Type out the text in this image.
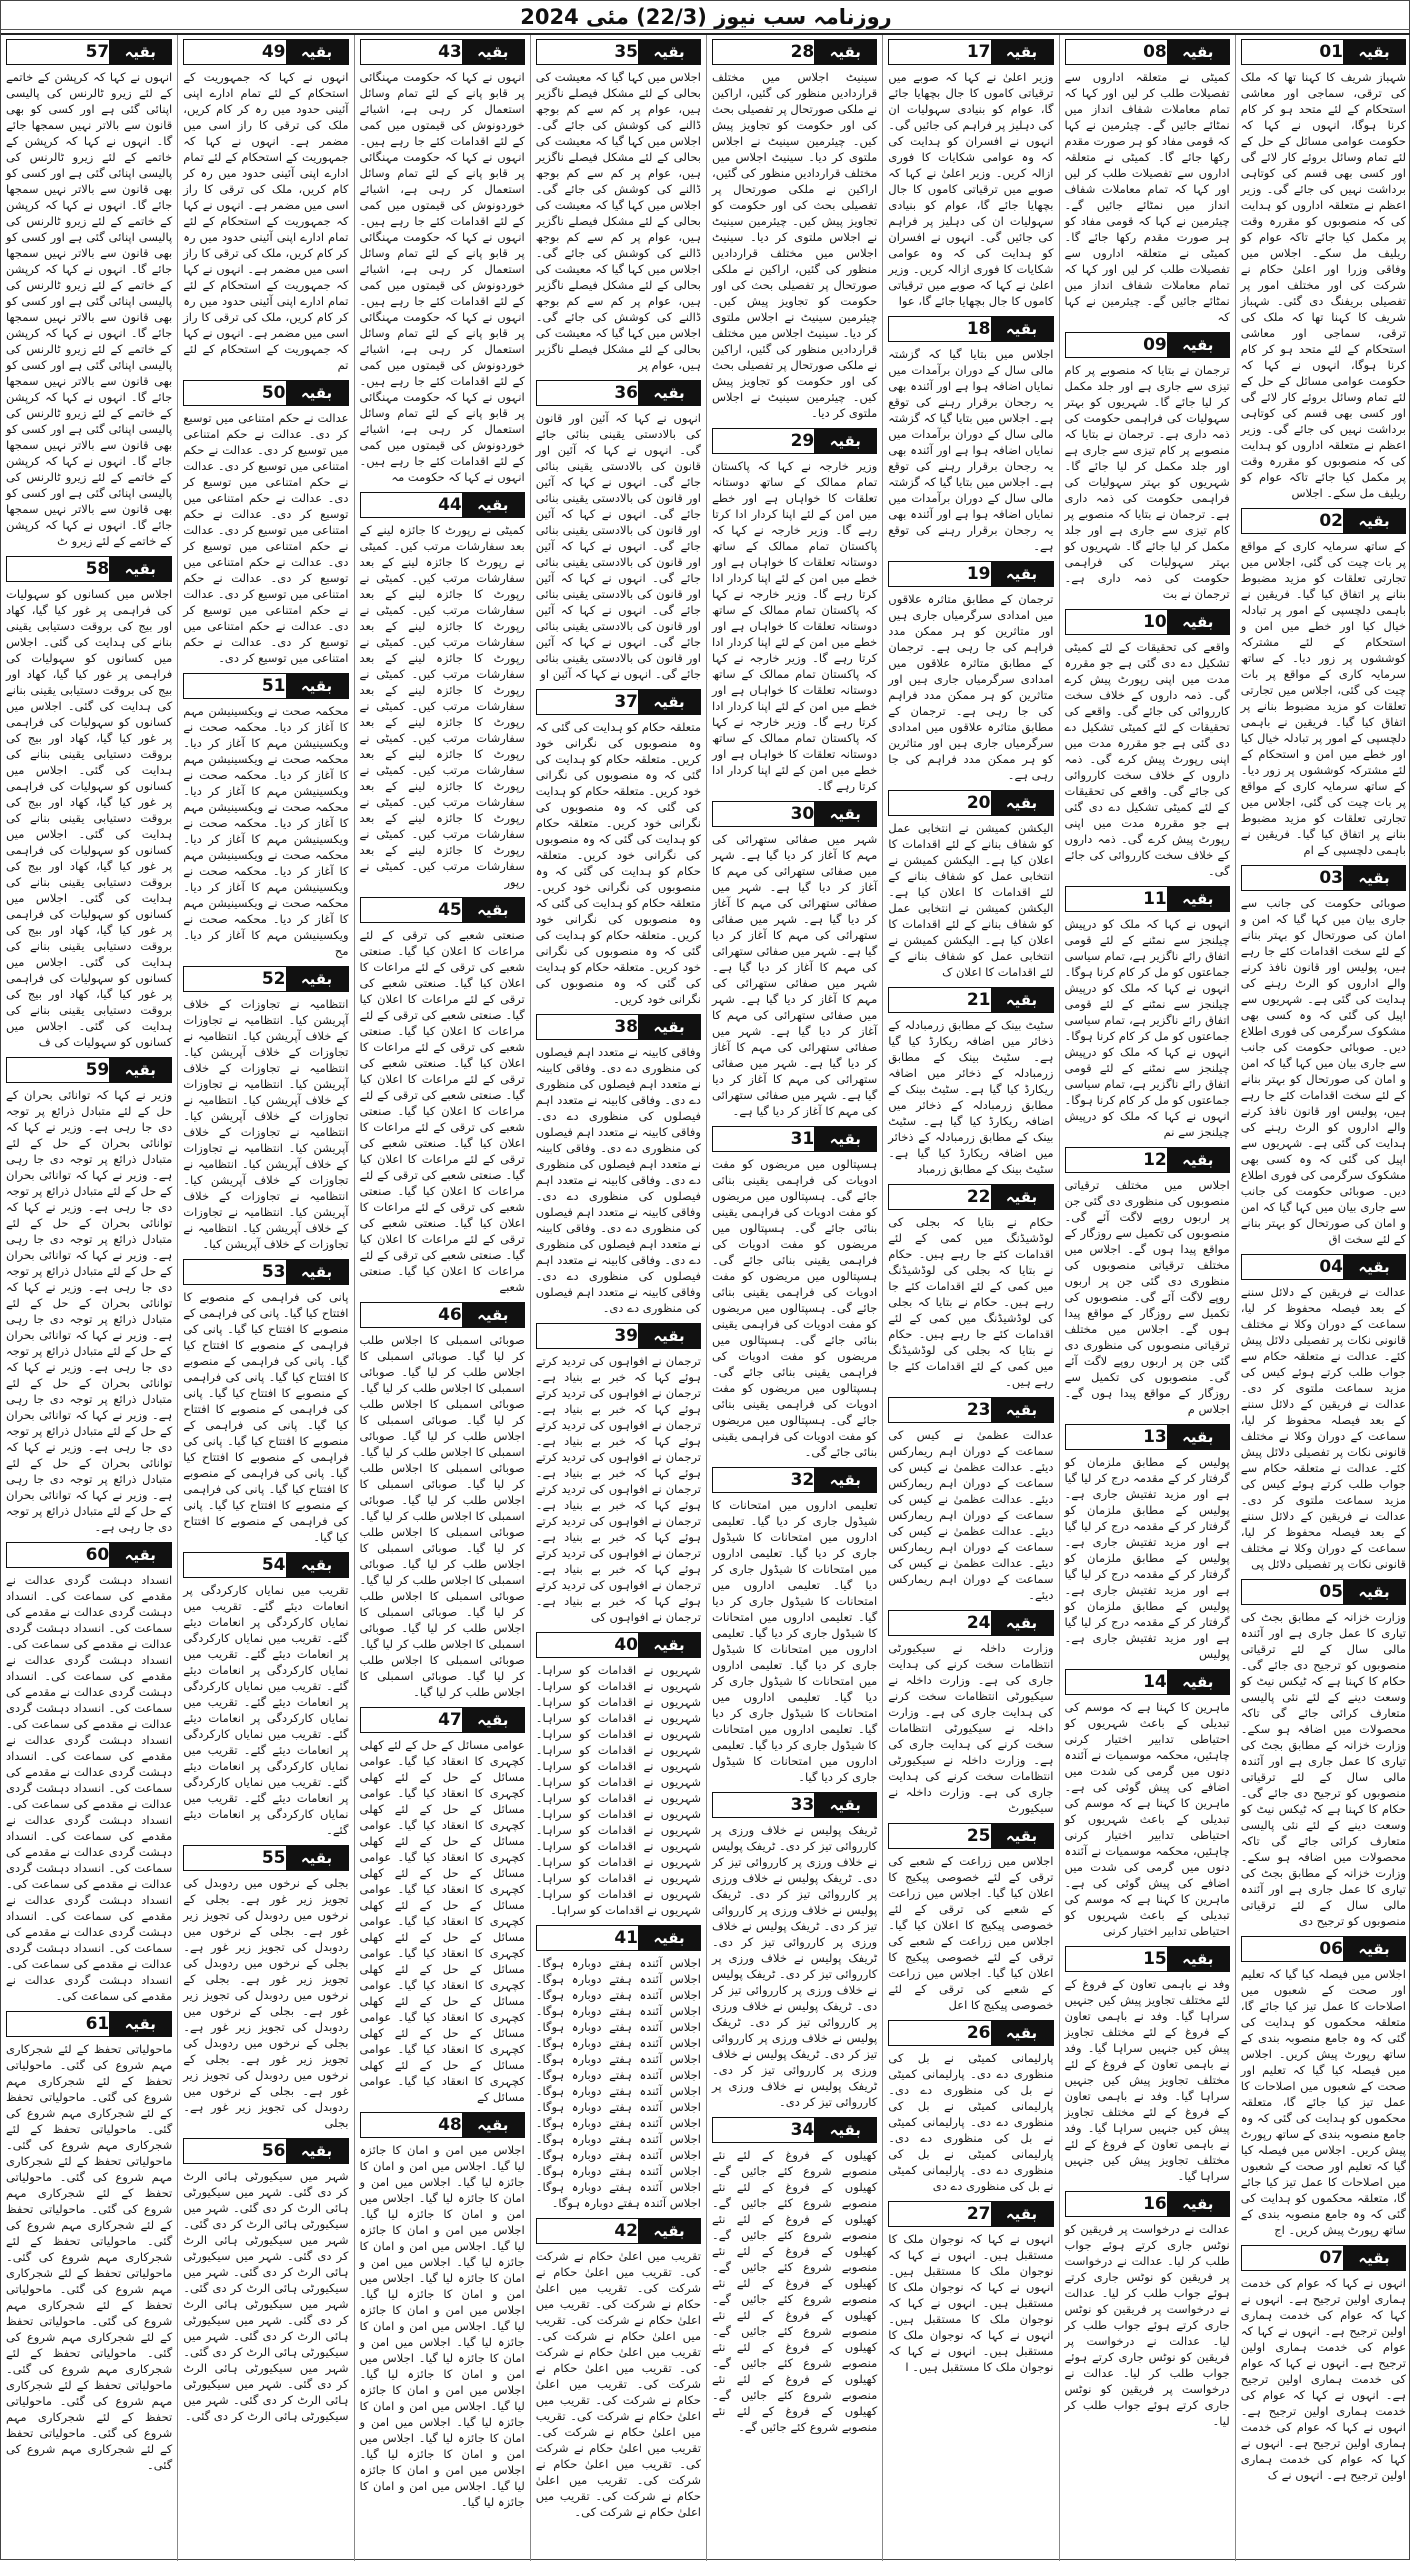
روزنامہ سب نیوز (22/3) مئی 2024
بقیہ
01
شہباز شریف کا کہنا تھا کہ ملک کی ترقی، سماجی اور معاشی استحکام کے لئے متحد ہو کر کام کرنا ہوگا، انہوں نے کہا کہ حکومت عوامی مسائل کے حل کے لئے تمام وسائل بروئے کار لائے گی اور کسی بھی قسم کی کوتاہی برداشت نہیں کی جائے گی۔ وزیر اعظم نے متعلقہ اداروں کو ہدایت کی کہ منصوبوں کو مقررہ وقت پر مکمل کیا جائے تاکہ عوام کو ریلیف مل سکے۔ اجلاس میں وفاقی وزرا اور اعلیٰ حکام نے شرکت کی اور مختلف امور پر تفصیلی بریفنگ دی گئی۔ شہباز شریف کا کہنا تھا کہ ملک کی ترقی، سماجی اور معاشی استحکام کے لئے متحد ہو کر کام کرنا ہوگا، انہوں نے کہا کہ حکومت عوامی مسائل کے حل کے لئے تمام وسائل بروئے کار لائے گی اور کسی بھی قسم کی کوتاہی برداشت نہیں کی جائے گی۔ وزیر اعظم نے متعلقہ اداروں کو ہدایت کی کہ منصوبوں کو مقررہ وقت پر مکمل کیا جائے تاکہ عوام کو ریلیف مل سکے۔ اجلاس
بقیہ
02
کے ساتھ سرمایہ کاری کے مواقع پر بات چیت کی گئی، اجلاس میں تجارتی تعلقات کو مزید مضبوط بنانے پر اتفاق کیا گیا۔ فریقین نے باہمی دلچسپی کے امور پر تبادلہ خیال کیا اور خطے میں امن و استحکام کے لئے مشترکہ کوششوں پر زور دیا۔ کے ساتھ سرمایہ کاری کے مواقع پر بات چیت کی گئی، اجلاس میں تجارتی تعلقات کو مزید مضبوط بنانے پر اتفاق کیا گیا۔ فریقین نے باہمی دلچسپی کے امور پر تبادلہ خیال کیا اور خطے میں امن و استحکام کے لئے مشترکہ کوششوں پر زور دیا۔ کے ساتھ سرمایہ کاری کے مواقع پر بات چیت کی گئی، اجلاس میں تجارتی تعلقات کو مزید مضبوط بنانے پر اتفاق کیا گیا۔ فریقین نے باہمی دلچسپی کے ام
بقیہ
03
صوبائی حکومت کی جانب سے جاری بیان میں کہا گیا کہ امن و امان کی صورتحال کو بہتر بنانے کے لئے سخت اقدامات کئے جا رہے ہیں، پولیس اور قانون نافذ کرنے والے اداروں کو الرٹ رہنے کی ہدایت کی گئی ہے۔ شہریوں سے اپیل کی گئی کہ وہ کسی بھی مشکوک سرگرمی کی فوری اطلاع دیں۔ صوبائی حکومت کی جانب سے جاری بیان میں کہا گیا کہ امن و امان کی صورتحال کو بہتر بنانے کے لئے سخت اقدامات کئے جا رہے ہیں، پولیس اور قانون نافذ کرنے والے اداروں کو الرٹ رہنے کی ہدایت کی گئی ہے۔ شہریوں سے اپیل کی گئی کہ وہ کسی بھی مشکوک سرگرمی کی فوری اطلاع دیں۔ صوبائی حکومت کی جانب سے جاری بیان میں کہا گیا کہ امن و امان کی صورتحال کو بہتر بنانے کے لئے سخت اق
بقیہ
04
عدالت نے فریقین کے دلائل سننے کے بعد فیصلہ محفوظ کر لیا، سماعت کے دوران وکلا نے مختلف قانونی نکات پر تفصیلی دلائل پیش کئے۔ عدالت نے متعلقہ حکام سے جواب طلب کرتے ہوئے کیس کی مزید سماعت ملتوی کر دی۔ عدالت نے فریقین کے دلائل سننے کے بعد فیصلہ محفوظ کر لیا، سماعت کے دوران وکلا نے مختلف قانونی نکات پر تفصیلی دلائل پیش کئے۔ عدالت نے متعلقہ حکام سے جواب طلب کرتے ہوئے کیس کی مزید سماعت ملتوی کر دی۔ عدالت نے فریقین کے دلائل سننے کے بعد فیصلہ محفوظ کر لیا، سماعت کے دوران وکلا نے مختلف قانونی نکات پر تفصیلی دلائل پی
بقیہ
05
وزارت خزانہ کے مطابق بجٹ کی تیاری کا عمل جاری ہے اور آئندہ مالی سال کے لئے ترقیاتی منصوبوں کو ترجیح دی جائے گی۔ حکام کا کہنا ہے کہ ٹیکس نیٹ کو وسعت دینے کے لئے نئی پالیسی متعارف کرائی جائے گی تاکہ محصولات میں اضافہ ہو سکے۔ وزارت خزانہ کے مطابق بجٹ کی تیاری کا عمل جاری ہے اور آئندہ مالی سال کے لئے ترقیاتی منصوبوں کو ترجیح دی جائے گی۔ حکام کا کہنا ہے کہ ٹیکس نیٹ کو وسعت دینے کے لئے نئی پالیسی متعارف کرائی جائے گی تاکہ محصولات میں اضافہ ہو سکے۔ وزارت خزانہ کے مطابق بجٹ کی تیاری کا عمل جاری ہے اور آئندہ مالی سال کے لئے ترقیاتی منصوبوں کو ترجیح دی
بقیہ
06
اجلاس میں فیصلہ کیا گیا کہ تعلیم اور صحت کے شعبوں میں اصلاحات کا عمل تیز کیا جائے گا، متعلقہ محکموں کو ہدایت کی گئی کہ وہ جامع منصوبہ بندی کے ساتھ رپورٹ پیش کریں۔ اجلاس میں فیصلہ کیا گیا کہ تعلیم اور صحت کے شعبوں میں اصلاحات کا عمل تیز کیا جائے گا، متعلقہ محکموں کو ہدایت کی گئی کہ وہ جامع منصوبہ بندی کے ساتھ رپورٹ پیش کریں۔ اجلاس میں فیصلہ کیا گیا کہ تعلیم اور صحت کے شعبوں میں اصلاحات کا عمل تیز کیا جائے گا، متعلقہ محکموں کو ہدایت کی گئی کہ وہ جامع منصوبہ بندی کے ساتھ رپورٹ پیش کریں۔ اج
بقیہ
07
انہوں نے کہا کہ عوام کی خدمت ہماری اولین ترجیح ہے۔ انہوں نے کہا کہ عوام کی خدمت ہماری اولین ترجیح ہے۔ انہوں نے کہا کہ عوام کی خدمت ہماری اولین ترجیح ہے۔ انہوں نے کہا کہ عوام کی خدمت ہماری اولین ترجیح ہے۔ انہوں نے کہا کہ عوام کی خدمت ہماری اولین ترجیح ہے۔ انہوں نے کہا کہ عوام کی خدمت ہماری اولین ترجیح ہے۔ انہوں نے کہا کہ عوام کی خدمت ہماری اولین ترجیح ہے۔ انہوں نے ک
بقیہ
08
کمیٹی نے متعلقہ اداروں سے تفصیلات طلب کر لیں اور کہا کہ تمام معاملات شفاف انداز میں نمٹائے جائیں گے۔ چیئرمین نے کہا کہ قومی مفاد کو ہر صورت مقدم رکھا جائے گا۔ کمیٹی نے متعلقہ اداروں سے تفصیلات طلب کر لیں اور کہا کہ تمام معاملات شفاف انداز میں نمٹائے جائیں گے۔ چیئرمین نے کہا کہ قومی مفاد کو ہر صورت مقدم رکھا جائے گا۔ کمیٹی نے متعلقہ اداروں سے تفصیلات طلب کر لیں اور کہا کہ تمام معاملات شفاف انداز میں نمٹائے جائیں گے۔ چیئرمین نے کہا کہ
بقیہ
09
ترجمان نے بتایا کہ منصوبے پر کام تیزی سے جاری ہے اور جلد مکمل کر لیا جائے گا۔ شہریوں کو بہتر سہولیات کی فراہمی حکومت کی ذمہ داری ہے۔ ترجمان نے بتایا کہ منصوبے پر کام تیزی سے جاری ہے اور جلد مکمل کر لیا جائے گا۔ شہریوں کو بہتر سہولیات کی فراہمی حکومت کی ذمہ داری ہے۔ ترجمان نے بتایا کہ منصوبے پر کام تیزی سے جاری ہے اور جلد مکمل کر لیا جائے گا۔ شہریوں کو بہتر سہولیات کی فراہمی حکومت کی ذمہ داری ہے۔ ترجمان نے بت
بقیہ
10
واقعے کی تحقیقات کے لئے کمیٹی تشکیل دے دی گئی ہے جو مقررہ مدت میں اپنی رپورٹ پیش کرے گی۔ ذمہ داروں کے خلاف سخت کارروائی کی جائے گی۔ واقعے کی تحقیقات کے لئے کمیٹی تشکیل دے دی گئی ہے جو مقررہ مدت میں اپنی رپورٹ پیش کرے گی۔ ذمہ داروں کے خلاف سخت کارروائی کی جائے گی۔ واقعے کی تحقیقات کے لئے کمیٹی تشکیل دے دی گئی ہے جو مقررہ مدت میں اپنی رپورٹ پیش کرے گی۔ ذمہ داروں کے خلاف سخت کارروائی کی جائے گی۔
بقیہ
11
انہوں نے کہا کہ ملک کو درپیش چیلنجز سے نمٹنے کے لئے قومی اتفاق رائے ناگزیر ہے، تمام سیاسی جماعتوں کو مل کر کام کرنا ہوگا۔ انہوں نے کہا کہ ملک کو درپیش چیلنجز سے نمٹنے کے لئے قومی اتفاق رائے ناگزیر ہے، تمام سیاسی جماعتوں کو مل کر کام کرنا ہوگا۔ انہوں نے کہا کہ ملک کو درپیش چیلنجز سے نمٹنے کے لئے قومی اتفاق رائے ناگزیر ہے، تمام سیاسی جماعتوں کو مل کر کام کرنا ہوگا۔ انہوں نے کہا کہ ملک کو درپیش چیلنجز سے نم
بقیہ
12
اجلاس میں مختلف ترقیاتی منصوبوں کی منظوری دی گئی جن پر اربوں روپے لاگت آئے گی۔ منصوبوں کی تکمیل سے روزگار کے مواقع پیدا ہوں گے۔ اجلاس میں مختلف ترقیاتی منصوبوں کی منظوری دی گئی جن پر اربوں روپے لاگت آئے گی۔ منصوبوں کی تکمیل سے روزگار کے مواقع پیدا ہوں گے۔ اجلاس میں مختلف ترقیاتی منصوبوں کی منظوری دی گئی جن پر اربوں روپے لاگت آئے گی۔ منصوبوں کی تکمیل سے روزگار کے مواقع پیدا ہوں گے۔ اجلاس م
بقیہ
13
پولیس کے مطابق ملزمان کو گرفتار کر کے مقدمہ درج کر لیا گیا ہے اور مزید تفتیش جاری ہے۔ پولیس کے مطابق ملزمان کو گرفتار کر کے مقدمہ درج کر لیا گیا ہے اور مزید تفتیش جاری ہے۔ پولیس کے مطابق ملزمان کو گرفتار کر کے مقدمہ درج کر لیا گیا ہے اور مزید تفتیش جاری ہے۔ پولیس کے مطابق ملزمان کو گرفتار کر کے مقدمہ درج کر لیا گیا ہے اور مزید تفتیش جاری ہے۔ پولیس
بقیہ
14
ماہرین کا کہنا ہے کہ موسم کی تبدیلی کے باعث شہریوں کو احتیاطی تدابیر اختیار کرنی چاہئیں، محکمہ موسمیات نے آئندہ دنوں میں گرمی کی شدت میں اضافے کی پیش گوئی کی ہے۔ ماہرین کا کہنا ہے کہ موسم کی تبدیلی کے باعث شہریوں کو احتیاطی تدابیر اختیار کرنی چاہئیں، محکمہ موسمیات نے آئندہ دنوں میں گرمی کی شدت میں اضافے کی پیش گوئی کی ہے۔ ماہرین کا کہنا ہے کہ موسم کی تبدیلی کے باعث شہریوں کو احتیاطی تدابیر اختیار کرنی
بقیہ
15
وفد نے باہمی تعاون کے فروغ کے لئے مختلف تجاویز پیش کیں جنہیں سراہا گیا۔ وفد نے باہمی تعاون کے فروغ کے لئے مختلف تجاویز پیش کیں جنہیں سراہا گیا۔ وفد نے باہمی تعاون کے فروغ کے لئے مختلف تجاویز پیش کیں جنہیں سراہا گیا۔ وفد نے باہمی تعاون کے فروغ کے لئے مختلف تجاویز پیش کیں جنہیں سراہا گیا۔ وفد نے باہمی تعاون کے فروغ کے لئے مختلف تجاویز پیش کیں جنہیں سراہا گیا۔
بقیہ
16
عدالت نے درخواست پر فریقین کو نوٹس جاری کرتے ہوئے جواب طلب کر لیا۔ عدالت نے درخواست پر فریقین کو نوٹس جاری کرتے ہوئے جواب طلب کر لیا۔ عدالت نے درخواست پر فریقین کو نوٹس جاری کرتے ہوئے جواب طلب کر لیا۔ عدالت نے درخواست پر فریقین کو نوٹس جاری کرتے ہوئے جواب طلب کر لیا۔ عدالت نے درخواست پر فریقین کو نوٹس جاری کرتے ہوئے جواب طلب کر لیا۔
بقیہ
17
وزیر اعلیٰ نے کہا کہ صوبے میں ترقیاتی کاموں کا جال بچھایا جائے گا، عوام کو بنیادی سہولیات ان کی دہلیز پر فراہم کی جائیں گی۔ انہوں نے افسران کو ہدایت کی کہ وہ عوامی شکایات کا فوری ازالہ کریں۔ وزیر اعلیٰ نے کہا کہ صوبے میں ترقیاتی کاموں کا جال بچھایا جائے گا، عوام کو بنیادی سہولیات ان کی دہلیز پر فراہم کی جائیں گی۔ انہوں نے افسران کو ہدایت کی کہ وہ عوامی شکایات کا فوری ازالہ کریں۔ وزیر اعلیٰ نے کہا کہ صوبے میں ترقیاتی کاموں کا جال بچھایا جائے گا، عوا
بقیہ
18
اجلاس میں بتایا گیا کہ گزشتہ مالی سال کے دوران برآمدات میں نمایاں اضافہ ہوا ہے اور آئندہ بھی یہ رجحان برقرار رہنے کی توقع ہے۔ اجلاس میں بتایا گیا کہ گزشتہ مالی سال کے دوران برآمدات میں نمایاں اضافہ ہوا ہے اور آئندہ بھی یہ رجحان برقرار رہنے کی توقع ہے۔ اجلاس میں بتایا گیا کہ گزشتہ مالی سال کے دوران برآمدات میں نمایاں اضافہ ہوا ہے اور آئندہ بھی یہ رجحان برقرار رہنے کی توقع ہے۔
بقیہ
19
ترجمان کے مطابق متاثرہ علاقوں میں امدادی سرگرمیاں جاری ہیں اور متاثرین کو ہر ممکن مدد فراہم کی جا رہی ہے۔ ترجمان کے مطابق متاثرہ علاقوں میں امدادی سرگرمیاں جاری ہیں اور متاثرین کو ہر ممکن مدد فراہم کی جا رہی ہے۔ ترجمان کے مطابق متاثرہ علاقوں میں امدادی سرگرمیاں جاری ہیں اور متاثرین کو ہر ممکن مدد فراہم کی جا رہی ہے۔
بقیہ
20
الیکشن کمیشن نے انتخابی عمل کو شفاف بنانے کے لئے اقدامات کا اعلان کیا ہے۔ الیکشن کمیشن نے انتخابی عمل کو شفاف بنانے کے لئے اقدامات کا اعلان کیا ہے۔ الیکشن کمیشن نے انتخابی عمل کو شفاف بنانے کے لئے اقدامات کا اعلان کیا ہے۔ الیکشن کمیشن نے انتخابی عمل کو شفاف بنانے کے لئے اقدامات کا اعلان ک
بقیہ
21
سٹیٹ بینک کے مطابق زرمبادلہ کے ذخائر میں اضافہ ریکارڈ کیا گیا ہے۔ سٹیٹ بینک کے مطابق زرمبادلہ کے ذخائر میں اضافہ ریکارڈ کیا گیا ہے۔ سٹیٹ بینک کے مطابق زرمبادلہ کے ذخائر میں اضافہ ریکارڈ کیا گیا ہے۔ سٹیٹ بینک کے مطابق زرمبادلہ کے ذخائر میں اضافہ ریکارڈ کیا گیا ہے۔ سٹیٹ بینک کے مطابق زرمباد
بقیہ
22
حکام نے بتایا کہ بجلی کی لوڈشیڈنگ میں کمی کے لئے اقدامات کئے جا رہے ہیں۔ حکام نے بتایا کہ بجلی کی لوڈشیڈنگ میں کمی کے لئے اقدامات کئے جا رہے ہیں۔ حکام نے بتایا کہ بجلی کی لوڈشیڈنگ میں کمی کے لئے اقدامات کئے جا رہے ہیں۔ حکام نے بتایا کہ بجلی کی لوڈشیڈنگ میں کمی کے لئے اقدامات کئے جا رہے ہیں۔
بقیہ
23
عدالت عظمیٰ نے کیس کی سماعت کے دوران اہم ریمارکس دیئے۔ عدالت عظمیٰ نے کیس کی سماعت کے دوران اہم ریمارکس دیئے۔ عدالت عظمیٰ نے کیس کی سماعت کے دوران اہم ریمارکس دیئے۔ عدالت عظمیٰ نے کیس کی سماعت کے دوران اہم ریمارکس دیئے۔ عدالت عظمیٰ نے کیس کی سماعت کے دوران اہم ریمارکس دیئے۔
بقیہ
24
وزارت داخلہ نے سیکیورٹی انتظامات سخت کرنے کی ہدایت جاری کی ہے۔ وزارت داخلہ نے سیکیورٹی انتظامات سخت کرنے کی ہدایت جاری کی ہے۔ وزارت داخلہ نے سیکیورٹی انتظامات سخت کرنے کی ہدایت جاری کی ہے۔ وزارت داخلہ نے سیکیورٹی انتظامات سخت کرنے کی ہدایت جاری کی ہے۔ وزارت داخلہ نے سیکیورٹ
بقیہ
25
اجلاس میں زراعت کے شعبے کی ترقی کے لئے خصوصی پیکیج کا اعلان کیا گیا۔ اجلاس میں زراعت کے شعبے کی ترقی کے لئے خصوصی پیکیج کا اعلان کیا گیا۔ اجلاس میں زراعت کے شعبے کی ترقی کے لئے خصوصی پیکیج کا اعلان کیا گیا۔ اجلاس میں زراعت کے شعبے کی ترقی کے لئے خصوصی پیکیج کا اعل
بقیہ
26
پارلیمانی کمیٹی نے بل کی منظوری دے دی۔ پارلیمانی کمیٹی نے بل کی منظوری دے دی۔ پارلیمانی کمیٹی نے بل کی منظوری دے دی۔ پارلیمانی کمیٹی نے بل کی منظوری دے دی۔ پارلیمانی کمیٹی نے بل کی منظوری دے دی۔ پارلیمانی کمیٹی نے بل کی منظوری دے دی
بقیہ
27
انہوں نے کہا کہ نوجوان ملک کا مستقبل ہیں۔ انہوں نے کہا کہ نوجوان ملک کا مستقبل ہیں۔ انہوں نے کہا کہ نوجوان ملک کا مستقبل ہیں۔ انہوں نے کہا کہ نوجوان ملک کا مستقبل ہیں۔ انہوں نے کہا کہ نوجوان ملک کا مستقبل ہیں۔ انہوں نے کہا کہ نوجوان ملک کا مستقبل ہیں۔ ا
بقیہ
28
سینیٹ اجلاس میں مختلف قراردادیں منظور کی گئیں، اراکین نے ملکی صورتحال پر تفصیلی بحث کی اور حکومت کو تجاویز پیش کیں۔ چیئرمین سینیٹ نے اجلاس ملتوی کر دیا۔ سینیٹ اجلاس میں مختلف قراردادیں منظور کی گئیں، اراکین نے ملکی صورتحال پر تفصیلی بحث کی اور حکومت کو تجاویز پیش کیں۔ چیئرمین سینیٹ نے اجلاس ملتوی کر دیا۔ سینیٹ اجلاس میں مختلف قراردادیں منظور کی گئیں، اراکین نے ملکی صورتحال پر تفصیلی بحث کی اور حکومت کو تجاویز پیش کیں۔ چیئرمین سینیٹ نے اجلاس ملتوی کر دیا۔ سینیٹ اجلاس میں مختلف قراردادیں منظور کی گئیں، اراکین نے ملکی صورتحال پر تفصیلی بحث کی اور حکومت کو تجاویز پیش کیں۔ چیئرمین سینیٹ نے اجلاس ملتوی کر دیا۔
بقیہ
29
وزیر خارجہ نے کہا کہ پاکستان تمام ممالک کے ساتھ دوستانہ تعلقات کا خواہاں ہے اور خطے میں امن کے لئے اپنا کردار ادا کرتا رہے گا۔ وزیر خارجہ نے کہا کہ پاکستان تمام ممالک کے ساتھ دوستانہ تعلقات کا خواہاں ہے اور خطے میں امن کے لئے اپنا کردار ادا کرتا رہے گا۔ وزیر خارجہ نے کہا کہ پاکستان تمام ممالک کے ساتھ دوستانہ تعلقات کا خواہاں ہے اور خطے میں امن کے لئے اپنا کردار ادا کرتا رہے گا۔ وزیر خارجہ نے کہا کہ پاکستان تمام ممالک کے ساتھ دوستانہ تعلقات کا خواہاں ہے اور خطے میں امن کے لئے اپنا کردار ادا کرتا رہے گا۔ وزیر خارجہ نے کہا کہ پاکستان تمام ممالک کے ساتھ دوستانہ تعلقات کا خواہاں ہے اور خطے میں امن کے لئے اپنا کردار ادا کرتا رہے گا۔
بقیہ
30
شہر میں صفائی ستھرائی کی مہم کا آغاز کر دیا گیا ہے۔ شہر میں صفائی ستھرائی کی مہم کا آغاز کر دیا گیا ہے۔ شہر میں صفائی ستھرائی کی مہم کا آغاز کر دیا گیا ہے۔ شہر میں صفائی ستھرائی کی مہم کا آغاز کر دیا گیا ہے۔ شہر میں صفائی ستھرائی کی مہم کا آغاز کر دیا گیا ہے۔ شہر میں صفائی ستھرائی کی مہم کا آغاز کر دیا گیا ہے۔ شہر میں صفائی ستھرائی کی مہم کا آغاز کر دیا گیا ہے۔ شہر میں صفائی ستھرائی کی مہم کا آغاز کر دیا گیا ہے۔ شہر میں صفائی ستھرائی کی مہم کا آغاز کر دیا گیا ہے۔ شہر میں صفائی ستھرائی کی مہم کا آغاز کر دیا گیا ہے۔
بقیہ
31
ہسپتالوں میں مریضوں کو مفت ادویات کی فراہمی یقینی بنائی جائے گی۔ ہسپتالوں میں مریضوں کو مفت ادویات کی فراہمی یقینی بنائی جائے گی۔ ہسپتالوں میں مریضوں کو مفت ادویات کی فراہمی یقینی بنائی جائے گی۔ ہسپتالوں میں مریضوں کو مفت ادویات کی فراہمی یقینی بنائی جائے گی۔ ہسپتالوں میں مریضوں کو مفت ادویات کی فراہمی یقینی بنائی جائے گی۔ ہسپتالوں میں مریضوں کو مفت ادویات کی فراہمی یقینی بنائی جائے گی۔ ہسپتالوں میں مریضوں کو مفت ادویات کی فراہمی یقینی بنائی جائے گی۔ ہسپتالوں میں مریضوں کو مفت ادویات کی فراہمی یقینی بنائی جائے گی۔
بقیہ
32
تعلیمی اداروں میں امتحانات کا شیڈول جاری کر دیا گیا۔ تعلیمی اداروں میں امتحانات کا شیڈول جاری کر دیا گیا۔ تعلیمی اداروں میں امتحانات کا شیڈول جاری کر دیا گیا۔ تعلیمی اداروں میں امتحانات کا شیڈول جاری کر دیا گیا۔ تعلیمی اداروں میں امتحانات کا شیڈول جاری کر دیا گیا۔ تعلیمی اداروں میں امتحانات کا شیڈول جاری کر دیا گیا۔ تعلیمی اداروں میں امتحانات کا شیڈول جاری کر دیا گیا۔ تعلیمی اداروں میں امتحانات کا شیڈول جاری کر دیا گیا۔ تعلیمی اداروں میں امتحانات کا شیڈول جاری کر دیا گیا۔ تعلیمی اداروں میں امتحانات کا شیڈول جاری کر دیا گیا۔
بقیہ
33
ٹریفک پولیس نے خلاف ورزی پر کارروائی تیز کر دی۔ ٹریفک پولیس نے خلاف ورزی پر کارروائی تیز کر دی۔ ٹریفک پولیس نے خلاف ورزی پر کارروائی تیز کر دی۔ ٹریفک پولیس نے خلاف ورزی پر کارروائی تیز کر دی۔ ٹریفک پولیس نے خلاف ورزی پر کارروائی تیز کر دی۔ ٹریفک پولیس نے خلاف ورزی پر کارروائی تیز کر دی۔ ٹریفک پولیس نے خلاف ورزی پر کارروائی تیز کر دی۔ ٹریفک پولیس نے خلاف ورزی پر کارروائی تیز کر دی۔ ٹریفک پولیس نے خلاف ورزی پر کارروائی تیز کر دی۔ ٹریفک پولیس نے خلاف ورزی پر کارروائی تیز کر دی۔ ٹریفک پولیس نے خلاف ورزی پر کارروائی تیز کر دی۔
بقیہ
34
کھیلوں کے فروغ کے لئے نئے منصوبے شروع کئے جائیں گے۔ کھیلوں کے فروغ کے لئے نئے منصوبے شروع کئے جائیں گے۔ کھیلوں کے فروغ کے لئے نئے منصوبے شروع کئے جائیں گے۔ کھیلوں کے فروغ کے لئے نئے منصوبے شروع کئے جائیں گے۔ کھیلوں کے فروغ کے لئے نئے منصوبے شروع کئے جائیں گے۔ کھیلوں کے فروغ کے لئے نئے منصوبے شروع کئے جائیں گے۔ کھیلوں کے فروغ کے لئے نئے منصوبے شروع کئے جائیں گے۔ کھیلوں کے فروغ کے لئے نئے منصوبے شروع کئے جائیں گے۔ کھیلوں کے فروغ کے لئے نئے منصوبے شروع کئے جائیں گے۔
بقیہ
35
اجلاس میں کہا گیا کہ معیشت کی بحالی کے لئے مشکل فیصلے ناگزیر ہیں، عوام پر کم سے کم بوجھ ڈالنے کی کوشش کی جائے گی۔ اجلاس میں کہا گیا کہ معیشت کی بحالی کے لئے مشکل فیصلے ناگزیر ہیں، عوام پر کم سے کم بوجھ ڈالنے کی کوشش کی جائے گی۔ اجلاس میں کہا گیا کہ معیشت کی بحالی کے لئے مشکل فیصلے ناگزیر ہیں، عوام پر کم سے کم بوجھ ڈالنے کی کوشش کی جائے گی۔ اجلاس میں کہا گیا کہ معیشت کی بحالی کے لئے مشکل فیصلے ناگزیر ہیں، عوام پر کم سے کم بوجھ ڈالنے کی کوشش کی جائے گی۔ اجلاس میں کہا گیا کہ معیشت کی بحالی کے لئے مشکل فیصلے ناگزیر ہیں، عوام پر
بقیہ
36
انہوں نے کہا کہ آئین اور قانون کی بالادستی یقینی بنائی جائے گی۔ انہوں نے کہا کہ آئین اور قانون کی بالادستی یقینی بنائی جائے گی۔ انہوں نے کہا کہ آئین اور قانون کی بالادستی یقینی بنائی جائے گی۔ انہوں نے کہا کہ آئین اور قانون کی بالادستی یقینی بنائی جائے گی۔ انہوں نے کہا کہ آئین اور قانون کی بالادستی یقینی بنائی جائے گی۔ انہوں نے کہا کہ آئین اور قانون کی بالادستی یقینی بنائی جائے گی۔ انہوں نے کہا کہ آئین اور قانون کی بالادستی یقینی بنائی جائے گی۔ انہوں نے کہا کہ آئین اور قانون کی بالادستی یقینی بنائی جائے گی۔ انہوں نے کہا کہ آئین او
بقیہ
37
متعلقہ حکام کو ہدایت کی گئی کہ وہ منصوبوں کی نگرانی خود کریں۔ متعلقہ حکام کو ہدایت کی گئی کہ وہ منصوبوں کی نگرانی خود کریں۔ متعلقہ حکام کو ہدایت کی گئی کہ وہ منصوبوں کی نگرانی خود کریں۔ متعلقہ حکام کو ہدایت کی گئی کہ وہ منصوبوں کی نگرانی خود کریں۔ متعلقہ حکام کو ہدایت کی گئی کہ وہ منصوبوں کی نگرانی خود کریں۔ متعلقہ حکام کو ہدایت کی گئی کہ وہ منصوبوں کی نگرانی خود کریں۔ متعلقہ حکام کو ہدایت کی گئی کہ وہ منصوبوں کی نگرانی خود کریں۔ متعلقہ حکام کو ہدایت کی گئی کہ وہ منصوبوں کی نگرانی خود کریں۔
بقیہ
38
وفاقی کابینہ نے متعدد اہم فیصلوں کی منظوری دے دی۔ وفاقی کابینہ نے متعدد اہم فیصلوں کی منظوری دے دی۔ وفاقی کابینہ نے متعدد اہم فیصلوں کی منظوری دے دی۔ وفاقی کابینہ نے متعدد اہم فیصلوں کی منظوری دے دی۔ وفاقی کابینہ نے متعدد اہم فیصلوں کی منظوری دے دی۔ وفاقی کابینہ نے متعدد اہم فیصلوں کی منظوری دے دی۔ وفاقی کابینہ نے متعدد اہم فیصلوں کی منظوری دے دی۔ وفاقی کابینہ نے متعدد اہم فیصلوں کی منظوری دے دی۔ وفاقی کابینہ نے متعدد اہم فیصلوں کی منظوری دے دی۔ وفاقی کابینہ نے متعدد اہم فیصلوں کی منظوری دے دی۔
بقیہ
39
ترجمان نے افواہوں کی تردید کرتے ہوئے کہا کہ خبر بے بنیاد ہے۔ ترجمان نے افواہوں کی تردید کرتے ہوئے کہا کہ خبر بے بنیاد ہے۔ ترجمان نے افواہوں کی تردید کرتے ہوئے کہا کہ خبر بے بنیاد ہے۔ ترجمان نے افواہوں کی تردید کرتے ہوئے کہا کہ خبر بے بنیاد ہے۔ ترجمان نے افواہوں کی تردید کرتے ہوئے کہا کہ خبر بے بنیاد ہے۔ ترجمان نے افواہوں کی تردید کرتے ہوئے کہا کہ خبر بے بنیاد ہے۔ ترجمان نے افواہوں کی تردید کرتے ہوئے کہا کہ خبر بے بنیاد ہے۔ ترجمان نے افواہوں کی تردید کرتے ہوئے کہا کہ خبر بے بنیاد ہے۔ ترجمان نے افواہوں کی
بقیہ
40
شہریوں نے اقدامات کو سراہا۔ شہریوں نے اقدامات کو سراہا۔ شہریوں نے اقدامات کو سراہا۔ شہریوں نے اقدامات کو سراہا۔ شہریوں نے اقدامات کو سراہا۔ شہریوں نے اقدامات کو سراہا۔ شہریوں نے اقدامات کو سراہا۔ شہریوں نے اقدامات کو سراہا۔ شہریوں نے اقدامات کو سراہا۔ شہریوں نے اقدامات کو سراہا۔ شہریوں نے اقدامات کو سراہا۔ شہریوں نے اقدامات کو سراہا۔ شہریوں نے اقدامات کو سراہا۔ شہریوں نے اقدامات کو سراہا۔ شہریوں نے اقدامات کو سراہا۔ شہریوں نے اقدامات کو سراہا۔
بقیہ
41
اجلاس آئندہ ہفتے دوبارہ ہوگا۔ اجلاس آئندہ ہفتے دوبارہ ہوگا۔ اجلاس آئندہ ہفتے دوبارہ ہوگا۔ اجلاس آئندہ ہفتے دوبارہ ہوگا۔ اجلاس آئندہ ہفتے دوبارہ ہوگا۔ اجلاس آئندہ ہفتے دوبارہ ہوگا۔ اجلاس آئندہ ہفتے دوبارہ ہوگا۔ اجلاس آئندہ ہفتے دوبارہ ہوگا۔ اجلاس آئندہ ہفتے دوبارہ ہوگا۔ اجلاس آئندہ ہفتے دوبارہ ہوگا۔ اجلاس آئندہ ہفتے دوبارہ ہوگا۔ اجلاس آئندہ ہفتے دوبارہ ہوگا۔ اجلاس آئندہ ہفتے دوبارہ ہوگا۔ اجلاس آئندہ ہفتے دوبارہ ہوگا۔ اجلاس آئندہ ہفتے دوبارہ ہوگا۔ اجلاس آئندہ ہفتے دوبارہ ہوگا۔
بقیہ
42
تقریب میں اعلیٰ حکام نے شرکت کی۔ تقریب میں اعلیٰ حکام نے شرکت کی۔ تقریب میں اعلیٰ حکام نے شرکت کی۔ تقریب میں اعلیٰ حکام نے شرکت کی۔ تقریب میں اعلیٰ حکام نے شرکت کی۔ تقریب میں اعلیٰ حکام نے شرکت کی۔ تقریب میں اعلیٰ حکام نے شرکت کی۔ تقریب میں اعلیٰ حکام نے شرکت کی۔ تقریب میں اعلیٰ حکام نے شرکت کی۔ تقریب میں اعلیٰ حکام نے شرکت کی۔ تقریب میں اعلیٰ حکام نے شرکت کی۔ تقریب میں اعلیٰ حکام نے شرکت کی۔ تقریب میں اعلیٰ حکام نے شرکت کی۔ تقریب میں اعلیٰ حکام نے شرکت کی۔
بقیہ
43
انہوں نے کہا کہ حکومت مہنگائی پر قابو پانے کے لئے تمام وسائل استعمال کر رہی ہے، اشیائے خوردونوش کی قیمتوں میں کمی کے لئے اقدامات کئے جا رہے ہیں۔ انہوں نے کہا کہ حکومت مہنگائی پر قابو پانے کے لئے تمام وسائل استعمال کر رہی ہے، اشیائے خوردونوش کی قیمتوں میں کمی کے لئے اقدامات کئے جا رہے ہیں۔ انہوں نے کہا کہ حکومت مہنگائی پر قابو پانے کے لئے تمام وسائل استعمال کر رہی ہے، اشیائے خوردونوش کی قیمتوں میں کمی کے لئے اقدامات کئے جا رہے ہیں۔ انہوں نے کہا کہ حکومت مہنگائی پر قابو پانے کے لئے تمام وسائل استعمال کر رہی ہے، اشیائے خوردونوش کی قیمتوں میں کمی کے لئے اقدامات کئے جا رہے ہیں۔ انہوں نے کہا کہ حکومت مہنگائی پر قابو پانے کے لئے تمام وسائل استعمال کر رہی ہے، اشیائے خوردونوش کی قیمتوں میں کمی کے لئے اقدامات کئے جا رہے ہیں۔ انہوں نے کہا کہ حکومت مہ
بقیہ
44
کمیٹی نے رپورٹ کا جائزہ لینے کے بعد سفارشات مرتب کیں۔ کمیٹی نے رپورٹ کا جائزہ لینے کے بعد سفارشات مرتب کیں۔ کمیٹی نے رپورٹ کا جائزہ لینے کے بعد سفارشات مرتب کیں۔ کمیٹی نے رپورٹ کا جائزہ لینے کے بعد سفارشات مرتب کیں۔ کمیٹی نے رپورٹ کا جائزہ لینے کے بعد سفارشات مرتب کیں۔ کمیٹی نے رپورٹ کا جائزہ لینے کے بعد سفارشات مرتب کیں۔ کمیٹی نے رپورٹ کا جائزہ لینے کے بعد سفارشات مرتب کیں۔ کمیٹی نے رپورٹ کا جائزہ لینے کے بعد سفارشات مرتب کیں۔ کمیٹی نے رپورٹ کا جائزہ لینے کے بعد سفارشات مرتب کیں۔ کمیٹی نے رپورٹ کا جائزہ لینے کے بعد سفارشات مرتب کیں۔ کمیٹی نے رپورٹ کا جائزہ لینے کے بعد سفارشات مرتب کیں۔ کمیٹی نے رپور
بقیہ
45
صنعتی شعبے کی ترقی کے لئے مراعات کا اعلان کیا گیا۔ صنعتی شعبے کی ترقی کے لئے مراعات کا اعلان کیا گیا۔ صنعتی شعبے کی ترقی کے لئے مراعات کا اعلان کیا گیا۔ صنعتی شعبے کی ترقی کے لئے مراعات کا اعلان کیا گیا۔ صنعتی شعبے کی ترقی کے لئے مراعات کا اعلان کیا گیا۔ صنعتی شعبے کی ترقی کے لئے مراعات کا اعلان کیا گیا۔ صنعتی شعبے کی ترقی کے لئے مراعات کا اعلان کیا گیا۔ صنعتی شعبے کی ترقی کے لئے مراعات کا اعلان کیا گیا۔ صنعتی شعبے کی ترقی کے لئے مراعات کا اعلان کیا گیا۔ صنعتی شعبے کی ترقی کے لئے مراعات کا اعلان کیا گیا۔ صنعتی شعبے کی ترقی کے لئے مراعات کا اعلان کیا گیا۔ صنعتی شعبے کی ترقی کے لئے مراعات کا اعلان کیا گیا۔ صنعتی شعبے کی ترقی کے لئے مراعات کا اعلان کیا گیا۔ صنعتی شعبے
بقیہ
46
صوبائی اسمبلی کا اجلاس طلب کر لیا گیا۔ صوبائی اسمبلی کا اجلاس طلب کر لیا گیا۔ صوبائی اسمبلی کا اجلاس طلب کر لیا گیا۔ صوبائی اسمبلی کا اجلاس طلب کر لیا گیا۔ صوبائی اسمبلی کا اجلاس طلب کر لیا گیا۔ صوبائی اسمبلی کا اجلاس طلب کر لیا گیا۔ صوبائی اسمبلی کا اجلاس طلب کر لیا گیا۔ صوبائی اسمبلی کا اجلاس طلب کر لیا گیا۔ صوبائی اسمبلی کا اجلاس طلب کر لیا گیا۔ صوبائی اسمبلی کا اجلاس طلب کر لیا گیا۔ صوبائی اسمبلی کا اجلاس طلب کر لیا گیا۔ صوبائی اسمبلی کا اجلاس طلب کر لیا گیا۔ صوبائی اسمبلی کا اجلاس طلب کر لیا گیا۔ صوبائی اسمبلی کا اجلاس طلب کر لیا گیا۔ صوبائی اسمبلی کا اجلاس طلب کر لیا گیا۔ صوبائی اسمبلی کا اجلاس طلب کر لیا گیا۔ صوبائی اسمبلی کا اجلاس طلب کر لیا گیا۔
بقیہ
47
عوامی مسائل کے حل کے لئے کھلی کچہری کا انعقاد کیا گیا۔ عوامی مسائل کے حل کے لئے کھلی کچہری کا انعقاد کیا گیا۔ عوامی مسائل کے حل کے لئے کھلی کچہری کا انعقاد کیا گیا۔ عوامی مسائل کے حل کے لئے کھلی کچہری کا انعقاد کیا گیا۔ عوامی مسائل کے حل کے لئے کھلی کچہری کا انعقاد کیا گیا۔ عوامی مسائل کے حل کے لئے کھلی کچہری کا انعقاد کیا گیا۔ عوامی مسائل کے حل کے لئے کھلی کچہری کا انعقاد کیا گیا۔ عوامی مسائل کے حل کے لئے کھلی کچہری کا انعقاد کیا گیا۔ عوامی مسائل کے حل کے لئے کھلی کچہری کا انعقاد کیا گیا۔ عوامی مسائل کے حل کے لئے کھلی کچہری کا انعقاد کیا گیا۔ عوامی مسائل کے حل کے لئے کھلی کچہری کا انعقاد کیا گیا۔ عوامی مسائل کے
بقیہ
48
اجلاس میں امن و امان کا جائزہ لیا گیا۔ اجلاس میں امن و امان کا جائزہ لیا گیا۔ اجلاس میں امن و امان کا جائزہ لیا گیا۔ اجلاس میں امن و امان کا جائزہ لیا گیا۔ اجلاس میں امن و امان کا جائزہ لیا گیا۔ اجلاس میں امن و امان کا جائزہ لیا گیا۔ اجلاس میں امن و امان کا جائزہ لیا گیا۔ اجلاس میں امن و امان کا جائزہ لیا گیا۔ اجلاس میں امن و امان کا جائزہ لیا گیا۔ اجلاس میں امن و امان کا جائزہ لیا گیا۔ اجلاس میں امن و امان کا جائزہ لیا گیا۔ اجلاس میں امن و امان کا جائزہ لیا گیا۔ اجلاس میں امن و امان کا جائزہ لیا گیا۔ اجلاس میں امن و امان کا جائزہ لیا گیا۔ اجلاس میں امن و امان کا جائزہ لیا گیا۔ اجلاس میں امن و امان کا جائزہ لیا گیا۔ اجلاس میں امن و امان کا جائزہ لیا گیا۔ اجلاس میں امن و امان کا جائزہ لیا گیا۔
بقیہ
49
انہوں نے کہا کہ جمہوریت کے استحکام کے لئے تمام ادارے اپنی آئینی حدود میں رہ کر کام کریں، ملک کی ترقی کا راز اسی میں مضمر ہے۔ انہوں نے کہا کہ جمہوریت کے استحکام کے لئے تمام ادارے اپنی آئینی حدود میں رہ کر کام کریں، ملک کی ترقی کا راز اسی میں مضمر ہے۔ انہوں نے کہا کہ جمہوریت کے استحکام کے لئے تمام ادارے اپنی آئینی حدود میں رہ کر کام کریں، ملک کی ترقی کا راز اسی میں مضمر ہے۔ انہوں نے کہا کہ جمہوریت کے استحکام کے لئے تمام ادارے اپنی آئینی حدود میں رہ کر کام کریں، ملک کی ترقی کا راز اسی میں مضمر ہے۔ انہوں نے کہا کہ جمہوریت کے استحکام کے لئے تم
بقیہ
50
عدالت نے حکم امتناعی میں توسیع کر دی۔ عدالت نے حکم امتناعی میں توسیع کر دی۔ عدالت نے حکم امتناعی میں توسیع کر دی۔ عدالت نے حکم امتناعی میں توسیع کر دی۔ عدالت نے حکم امتناعی میں توسیع کر دی۔ عدالت نے حکم امتناعی میں توسیع کر دی۔ عدالت نے حکم امتناعی میں توسیع کر دی۔ عدالت نے حکم امتناعی میں توسیع کر دی۔ عدالت نے حکم امتناعی میں توسیع کر دی۔ عدالت نے حکم امتناعی میں توسیع کر دی۔ عدالت نے حکم امتناعی میں توسیع کر دی۔ عدالت نے حکم امتناعی میں توسیع کر دی۔
بقیہ
51
محکمہ صحت نے ویکسینیشن مہم کا آغاز کر دیا۔ محکمہ صحت نے ویکسینیشن مہم کا آغاز کر دیا۔ محکمہ صحت نے ویکسینیشن مہم کا آغاز کر دیا۔ محکمہ صحت نے ویکسینیشن مہم کا آغاز کر دیا۔ محکمہ صحت نے ویکسینیشن مہم کا آغاز کر دیا۔ محکمہ صحت نے ویکسینیشن مہم کا آغاز کر دیا۔ محکمہ صحت نے ویکسینیشن مہم کا آغاز کر دیا۔ محکمہ صحت نے ویکسینیشن مہم کا آغاز کر دیا۔ محکمہ صحت نے ویکسینیشن مہم کا آغاز کر دیا۔ محکمہ صحت نے ویکسینیشن مہم کا آغاز کر دیا۔ مح
بقیہ
52
انتظامیہ نے تجاوزات کے خلاف آپریشن کیا۔ انتظامیہ نے تجاوزات کے خلاف آپریشن کیا۔ انتظامیہ نے تجاوزات کے خلاف آپریشن کیا۔ انتظامیہ نے تجاوزات کے خلاف آپریشن کیا۔ انتظامیہ نے تجاوزات کے خلاف آپریشن کیا۔ انتظامیہ نے تجاوزات کے خلاف آپریشن کیا۔ انتظامیہ نے تجاوزات کے خلاف آپریشن کیا۔ انتظامیہ نے تجاوزات کے خلاف آپریشن کیا۔ انتظامیہ نے تجاوزات کے خلاف آپریشن کیا۔ انتظامیہ نے تجاوزات کے خلاف آپریشن کیا۔ انتظامیہ نے تجاوزات کے خلاف آپریشن کیا۔ انتظامیہ نے تجاوزات کے خلاف آپریشن کیا۔
بقیہ
53
پانی کی فراہمی کے منصوبے کا افتتاح کیا گیا۔ پانی کی فراہمی کے منصوبے کا افتتاح کیا گیا۔ پانی کی فراہمی کے منصوبے کا افتتاح کیا گیا۔ پانی کی فراہمی کے منصوبے کا افتتاح کیا گیا۔ پانی کی فراہمی کے منصوبے کا افتتاح کیا گیا۔ پانی کی فراہمی کے منصوبے کا افتتاح کیا گیا۔ پانی کی فراہمی کے منصوبے کا افتتاح کیا گیا۔ پانی کی فراہمی کے منصوبے کا افتتاح کیا گیا۔ پانی کی فراہمی کے منصوبے کا افتتاح کیا گیا۔ پانی کی فراہمی کے منصوبے کا افتتاح کیا گیا۔ پانی کی فراہمی کے منصوبے کا افتتاح کیا گیا۔
بقیہ
54
تقریب میں نمایاں کارکردگی پر انعامات دیئے گئے۔ تقریب میں نمایاں کارکردگی پر انعامات دیئے گئے۔ تقریب میں نمایاں کارکردگی پر انعامات دیئے گئے۔ تقریب میں نمایاں کارکردگی پر انعامات دیئے گئے۔ تقریب میں نمایاں کارکردگی پر انعامات دیئے گئے۔ تقریب میں نمایاں کارکردگی پر انعامات دیئے گئے۔ تقریب میں نمایاں کارکردگی پر انعامات دیئے گئے۔ تقریب میں نمایاں کارکردگی پر انعامات دیئے گئے۔ تقریب میں نمایاں کارکردگی پر انعامات دیئے گئے۔ تقریب میں نمایاں کارکردگی پر انعامات دیئے گئے۔
بقیہ
55
بجلی کے نرخوں میں ردوبدل کی تجویز زیر غور ہے۔ بجلی کے نرخوں میں ردوبدل کی تجویز زیر غور ہے۔ بجلی کے نرخوں میں ردوبدل کی تجویز زیر غور ہے۔ بجلی کے نرخوں میں ردوبدل کی تجویز زیر غور ہے۔ بجلی کے نرخوں میں ردوبدل کی تجویز زیر غور ہے۔ بجلی کے نرخوں میں ردوبدل کی تجویز زیر غور ہے۔ بجلی کے نرخوں میں ردوبدل کی تجویز زیر غور ہے۔ بجلی کے نرخوں میں ردوبدل کی تجویز زیر غور ہے۔ بجلی کے نرخوں میں ردوبدل کی تجویز زیر غور ہے۔ بجلی
بقیہ
56
شہر میں سیکیورٹی ہائی الرٹ کر دی گئی۔ شہر میں سیکیورٹی ہائی الرٹ کر دی گئی۔ شہر میں سیکیورٹی ہائی الرٹ کر دی گئی۔ شہر میں سیکیورٹی ہائی الرٹ کر دی گئی۔ شہر میں سیکیورٹی ہائی الرٹ کر دی گئی۔ شہر میں سیکیورٹی ہائی الرٹ کر دی گئی۔ شہر میں سیکیورٹی ہائی الرٹ کر دی گئی۔ شہر میں سیکیورٹی ہائی الرٹ کر دی گئی۔ شہر میں سیکیورٹی ہائی الرٹ کر دی گئی۔ شہر میں سیکیورٹی ہائی الرٹ کر دی گئی۔ شہر میں سیکیورٹی ہائی الرٹ کر دی گئی۔ شہر میں سیکیورٹی ہائی الرٹ کر دی گئی۔
بقیہ
57
انہوں نے کہا کہ کرپشن کے خاتمے کے لئے زیرو ٹالرنس کی پالیسی اپنائی گئی ہے اور کسی کو بھی قانون سے بالاتر نہیں سمجھا جائے گا۔ انہوں نے کہا کہ کرپشن کے خاتمے کے لئے زیرو ٹالرنس کی پالیسی اپنائی گئی ہے اور کسی کو بھی قانون سے بالاتر نہیں سمجھا جائے گا۔ انہوں نے کہا کہ کرپشن کے خاتمے کے لئے زیرو ٹالرنس کی پالیسی اپنائی گئی ہے اور کسی کو بھی قانون سے بالاتر نہیں سمجھا جائے گا۔ انہوں نے کہا کہ کرپشن کے خاتمے کے لئے زیرو ٹالرنس کی پالیسی اپنائی گئی ہے اور کسی کو بھی قانون سے بالاتر نہیں سمجھا جائے گا۔ انہوں نے کہا کہ کرپشن کے خاتمے کے لئے زیرو ٹالرنس کی پالیسی اپنائی گئی ہے اور کسی کو بھی قانون سے بالاتر نہیں سمجھا جائے گا۔ انہوں نے کہا کہ کرپشن کے خاتمے کے لئے زیرو ٹالرنس کی پالیسی اپنائی گئی ہے اور کسی کو بھی قانون سے بالاتر نہیں سمجھا جائے گا۔ انہوں نے کہا کہ کرپشن کے خاتمے کے لئے زیرو ٹالرنس کی پالیسی اپنائی گئی ہے اور کسی کو بھی قانون سے بالاتر نہیں سمجھا جائے گا۔ انہوں نے کہا کہ کرپشن کے خاتمے کے لئے زیرو ٹ
بقیہ
58
اجلاس میں کسانوں کو سہولیات کی فراہمی پر غور کیا گیا، کھاد اور بیج کی بروقت دستیابی یقینی بنانے کی ہدایت کی گئی۔ اجلاس میں کسانوں کو سہولیات کی فراہمی پر غور کیا گیا، کھاد اور بیج کی بروقت دستیابی یقینی بنانے کی ہدایت کی گئی۔ اجلاس میں کسانوں کو سہولیات کی فراہمی پر غور کیا گیا، کھاد اور بیج کی بروقت دستیابی یقینی بنانے کی ہدایت کی گئی۔ اجلاس میں کسانوں کو سہولیات کی فراہمی پر غور کیا گیا، کھاد اور بیج کی بروقت دستیابی یقینی بنانے کی ہدایت کی گئی۔ اجلاس میں کسانوں کو سہولیات کی فراہمی پر غور کیا گیا، کھاد اور بیج کی بروقت دستیابی یقینی بنانے کی ہدایت کی گئی۔ اجلاس میں کسانوں کو سہولیات کی فراہمی پر غور کیا گیا، کھاد اور بیج کی بروقت دستیابی یقینی بنانے کی ہدایت کی گئی۔ اجلاس میں کسانوں کو سہولیات کی فراہمی پر غور کیا گیا، کھاد اور بیج کی بروقت دستیابی یقینی بنانے کی ہدایت کی گئی۔ اجلاس میں کسانوں کو سہولیات کی ف
بقیہ
59
وزیر نے کہا کہ توانائی بحران کے حل کے لئے متبادل ذرائع پر توجہ دی جا رہی ہے۔ وزیر نے کہا کہ توانائی بحران کے حل کے لئے متبادل ذرائع پر توجہ دی جا رہی ہے۔ وزیر نے کہا کہ توانائی بحران کے حل کے لئے متبادل ذرائع پر توجہ دی جا رہی ہے۔ وزیر نے کہا کہ توانائی بحران کے حل کے لئے متبادل ذرائع پر توجہ دی جا رہی ہے۔ وزیر نے کہا کہ توانائی بحران کے حل کے لئے متبادل ذرائع پر توجہ دی جا رہی ہے۔ وزیر نے کہا کہ توانائی بحران کے حل کے لئے متبادل ذرائع پر توجہ دی جا رہی ہے۔ وزیر نے کہا کہ توانائی بحران کے حل کے لئے متبادل ذرائع پر توجہ دی جا رہی ہے۔ وزیر نے کہا کہ توانائی بحران کے حل کے لئے متبادل ذرائع پر توجہ دی جا رہی ہے۔ وزیر نے کہا کہ توانائی بحران کے حل کے لئے متبادل ذرائع پر توجہ دی جا رہی ہے۔ وزیر نے کہا کہ توانائی بحران کے حل کے لئے متبادل ذرائع پر توجہ دی جا رہی ہے۔ وزیر نے کہا کہ توانائی بحران کے حل کے لئے متبادل ذرائع پر توجہ دی جا رہی ہے۔
بقیہ
60
انسداد دہشت گردی عدالت نے مقدمے کی سماعت کی۔ انسداد دہشت گردی عدالت نے مقدمے کی سماعت کی۔ انسداد دہشت گردی عدالت نے مقدمے کی سماعت کی۔ انسداد دہشت گردی عدالت نے مقدمے کی سماعت کی۔ انسداد دہشت گردی عدالت نے مقدمے کی سماعت کی۔ انسداد دہشت گردی عدالت نے مقدمے کی سماعت کی۔ انسداد دہشت گردی عدالت نے مقدمے کی سماعت کی۔ انسداد دہشت گردی عدالت نے مقدمے کی سماعت کی۔ انسداد دہشت گردی عدالت نے مقدمے کی سماعت کی۔ انسداد دہشت گردی عدالت نے مقدمے کی سماعت کی۔ انسداد دہشت گردی عدالت نے مقدمے کی سماعت کی۔ انسداد دہشت گردی عدالت نے مقدمے کی سماعت کی۔ انسداد دہشت گردی عدالت نے مقدمے کی سماعت کی۔ انسداد دہشت گردی عدالت نے مقدمے کی سماعت کی۔ انسداد دہشت گردی عدالت نے مقدمے کی سماعت کی۔ انسداد دہشت گردی عدالت نے مقدمے کی سماعت کی۔
بقیہ
61
ماحولیاتی تحفظ کے لئے شجرکاری مہم شروع کی گئی۔ ماحولیاتی تحفظ کے لئے شجرکاری مہم شروع کی گئی۔ ماحولیاتی تحفظ کے لئے شجرکاری مہم شروع کی گئی۔ ماحولیاتی تحفظ کے لئے شجرکاری مہم شروع کی گئی۔ ماحولیاتی تحفظ کے لئے شجرکاری مہم شروع کی گئی۔ ماحولیاتی تحفظ کے لئے شجرکاری مہم شروع کی گئی۔ ماحولیاتی تحفظ کے لئے شجرکاری مہم شروع کی گئی۔ ماحولیاتی تحفظ کے لئے شجرکاری مہم شروع کی گئی۔ ماحولیاتی تحفظ کے لئے شجرکاری مہم شروع کی گئی۔ ماحولیاتی تحفظ کے لئے شجرکاری مہم شروع کی گئی۔ ماحولیاتی تحفظ کے لئے شجرکاری مہم شروع کی گئی۔ ماحولیاتی تحفظ کے لئے شجرکاری مہم شروع کی گئی۔ ماحولیاتی تحفظ کے لئے شجرکاری مہم شروع کی گئی۔ ماحولیاتی تحفظ کے لئے شجرکاری مہم شروع کی گئی۔ ماحولیاتی تحفظ کے لئے شجرکاری مہم شروع کی گئی۔
